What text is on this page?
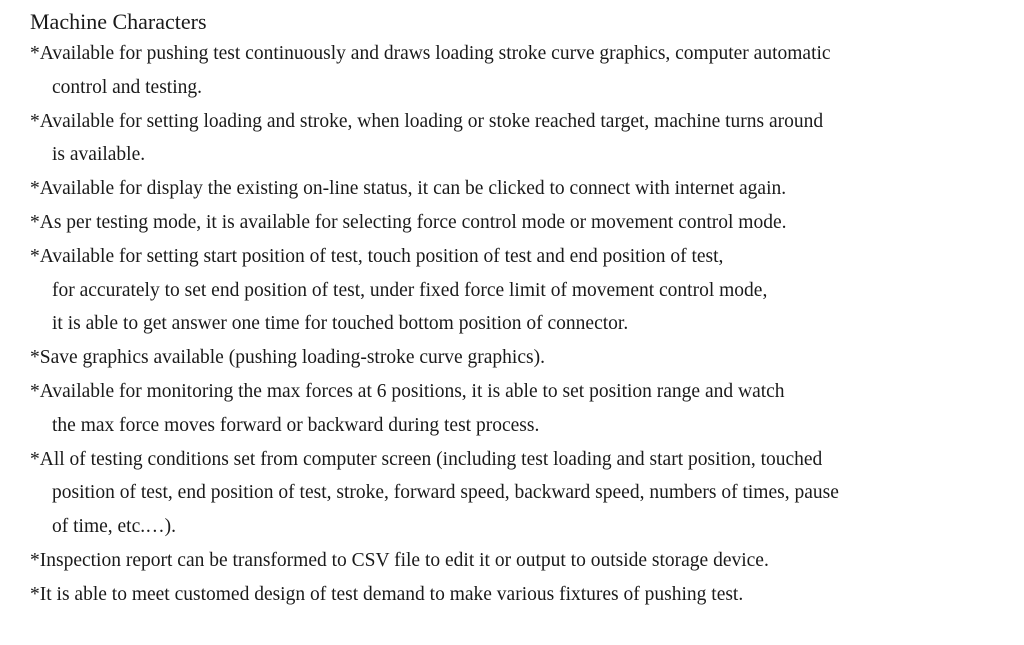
Machine Characters
*Available for pushing test continuously and draws loading stroke curve graphics, computer automatic
control and testing.
*Available for setting loading and stroke, when loading or stoke reached target, machine turns around
is available.
*Available for display the existing on-line status, it can be clicked to connect with internet again.
*As per testing mode, it is available for selecting force control mode or movement control mode.
*Available for setting start position of test, touch position of test and end position of test,
for accurately to set end position of test, under fixed force limit of movement control mode,
it is able to get answer one time for touched bottom position of connector.
*Save graphics available (pushing loading-stroke curve graphics).
*Available for monitoring the max forces at 6 positions, it is able to set position range and watch
the max force moves forward or backward during test process.
*All of testing conditions set from computer screen (including test loading and start position, touched
position of test, end position of test, stroke, forward speed, backward speed, numbers of times, pause
of time, etc.…).
*Inspection report can be transformed to CSV file to edit it or output to outside storage device.
*It is able to meet customed design of test demand to make various fixtures of pushing test.
